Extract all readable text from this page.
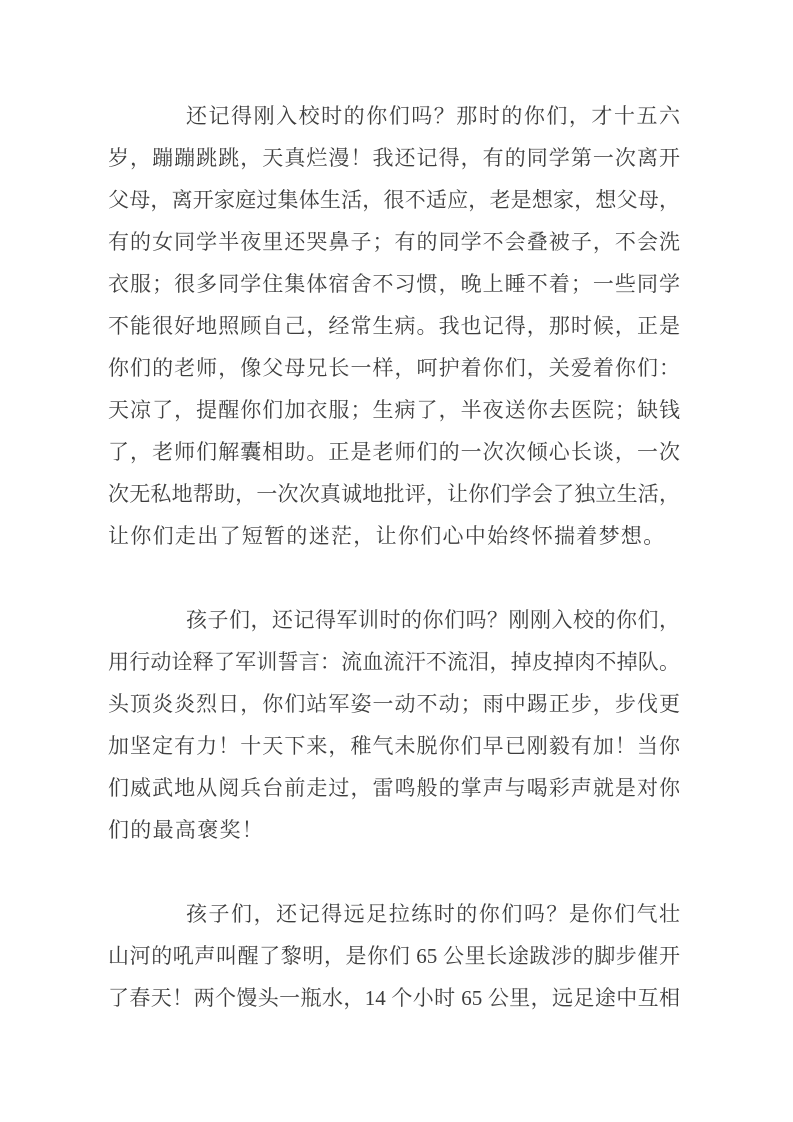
还记得刚入校时的你们吗？那时的你们，才十五六
岁，蹦蹦跳跳，天真烂漫！我还记得，有的同学第一次离开
父母，离开家庭过集体生活，很不适应，老是想家，想父母，
有的女同学半夜里还哭鼻子；有的同学不会叠被子，不会洗
衣服；很多同学住集体宿舍不习惯，晚上睡不着；一些同学
不能很好地照顾自己，经常生病。我也记得，那时候，正是
你们的老师，像父母兄长一样，呵护着你们，关爱着你们：
天凉了，提醒你们加衣服；生病了，半夜送你去医院；缺钱
了，老师们解囊相助。正是老师们的一次次倾心长谈，一次
次无私地帮助，一次次真诚地批评，让你们学会了独立生活，
让你们走出了短暂的迷茫，让你们心中始终怀揣着梦想。
孩子们，还记得军训时的你们吗？刚刚入校的你们，
用行动诠释了军训誓言：流血流汗不流泪，掉皮掉肉不掉队。
头顶炎炎烈日，你们站军姿一动不动；雨中踢正步，步伐更
加坚定有力！十天下来，稚气未脱你们早已刚毅有加！当你
们威武地从阅兵台前走过，雷鸣般的掌声与喝彩声就是对你
们的最高褒奖！
孩子们，还记得远足拉练时的你们吗？是你们气壮
山河的吼声叫醒了黎明，是你们 65 公里长途跋涉的脚步催开
了春天！两个馒头一瓶水，14 个小时 65 公里，远足途中互相
